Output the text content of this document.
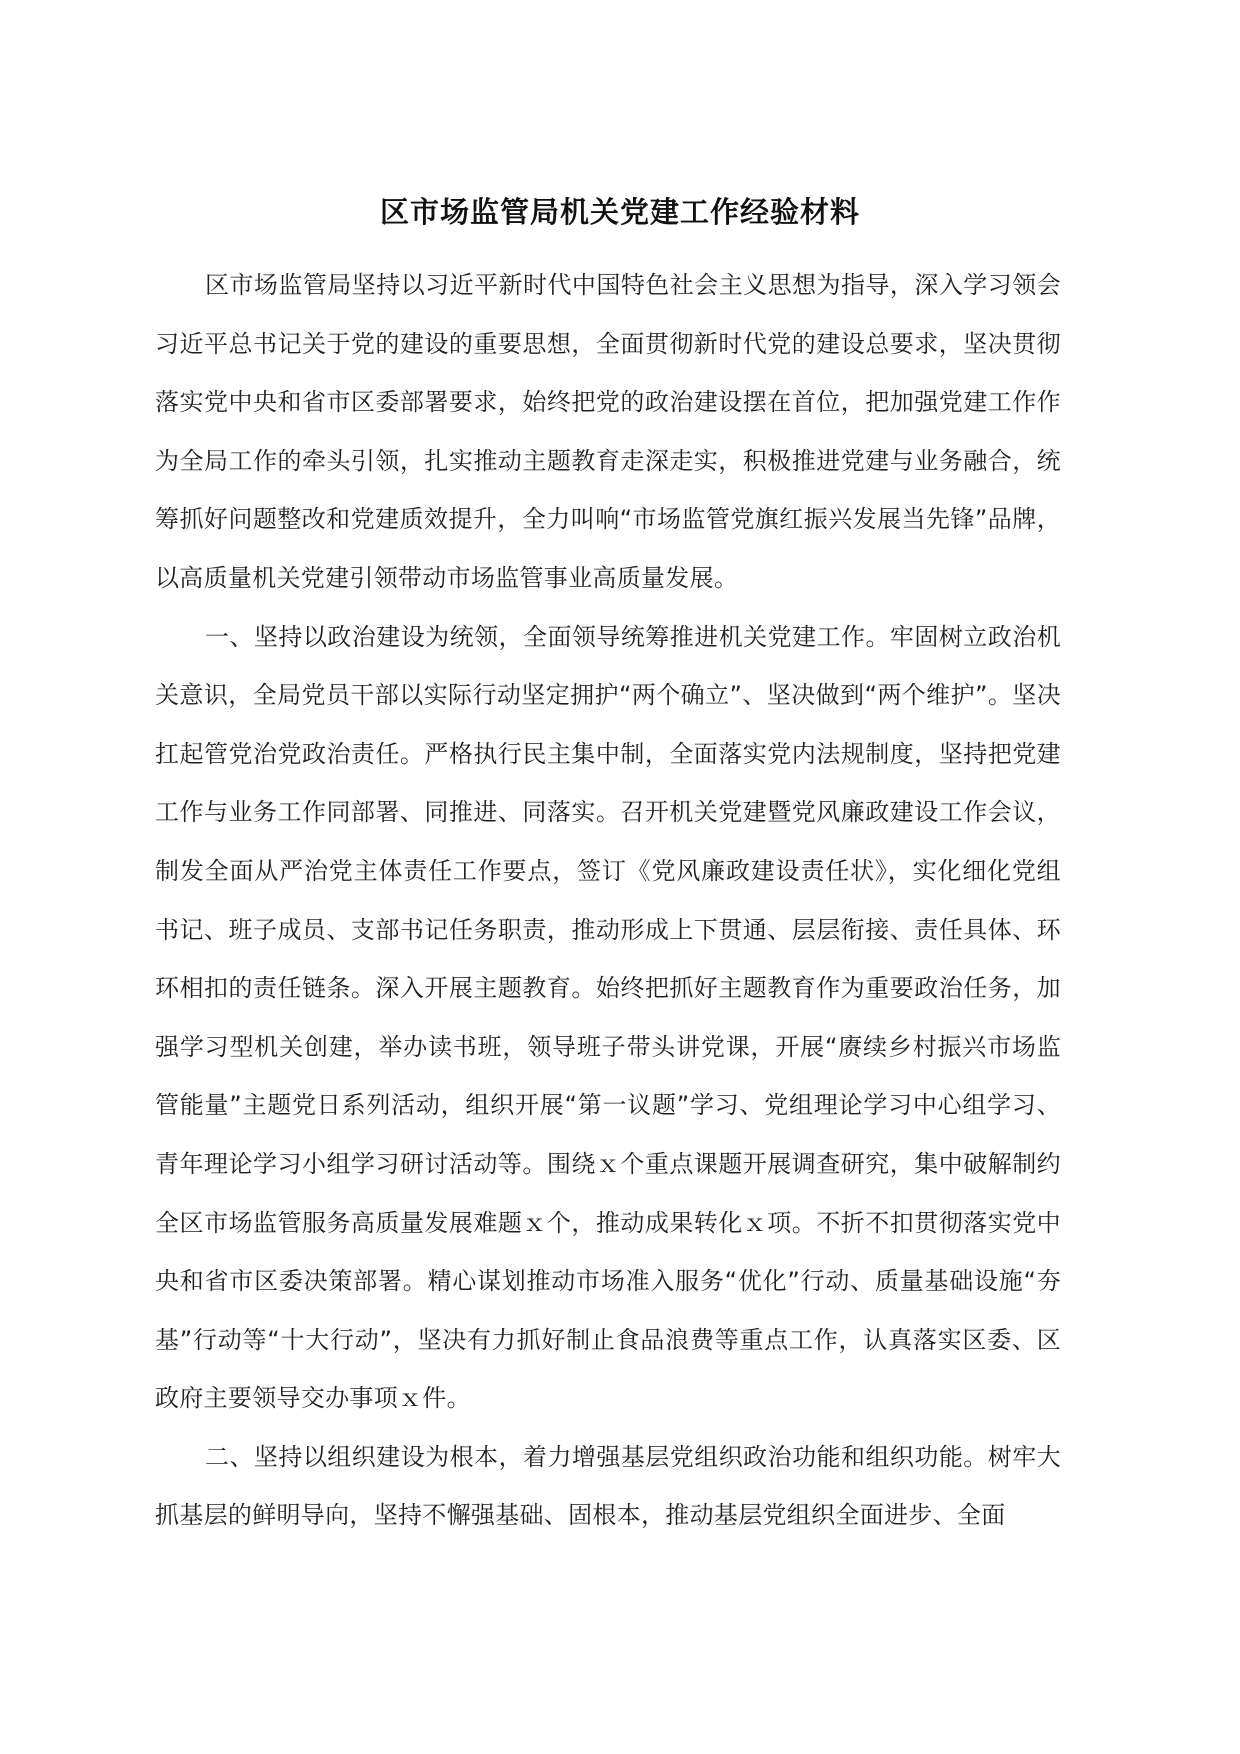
区市场监管局机关党建工作经验材料

区市场监管局坚持以习近平新时代中国特色社会主义思想为指导，深入学习领会习近平总书记关于党的建设的重要思想，全面贯彻新时代党的建设总要求，坚决贯彻落实党中央和省市区委部署要求，始终把党的政治建设摆在首位，把加强党建工作作为全局工作的牵头引领，扎实推动主题教育走深走实，积极推进党建与业务融合，统筹抓好问题整改和党建质效提升，全力叫响“市场监管党旗红振兴发展当先锋”品牌，以高质量机关党建引领带动市场监管事业高质量发展。

一、坚持以政治建设为统领，全面领导统筹推进机关党建工作。牢固树立政治机关意识，全局党员干部以实际行动坚定拥护“两个确立”、坚决做到“两个维护”。坚决扛起管党治党政治责任。严格执行民主集中制，全面落实党内法规制度，坚持把党建工作与业务工作同部署、同推进、同落实。召开机关党建暨党风廉政建设工作会议，制发全面从严治党主体责任工作要点，签订《党风廉政建设责任状》，实化细化党组书记、班子成员、支部书记任务职责，推动形成上下贯通、层层衔接、责任具体、环环相扣的责任链条。深入开展主题教育。始终把抓好主题教育作为重要政治任务，加强学习型机关创建，举办读书班，领导班子带头讲党课，开展“赓续乡村振兴市场监管能量”主题党日系列活动，组织开展“第一议题”学习、党组理论学习中心组学习、青年理论学习小组学习研讨活动等。围绕ｘ个重点课题开展调查研究，集中破解制约全区市场监管服务高质量发展难题ｘ个，推动成果转化ｘ项。不折不扣贯彻落实党中央和省市区委决策部署。精心谋划推动市场准入服务“优化”行动、质量基础设施“夯基”行动等“十大行动”，坚决有力抓好制止食品浪费等重点工作，认真落实区委、区政府主要领导交办事项ｘ件。

二、坚持以组织建设为根本，着力增强基层党组织政治功能和组织功能。树牢大抓基层的鲜明导向，坚持不懈强基础、固根本，推动基层党组织全面进步、全面
